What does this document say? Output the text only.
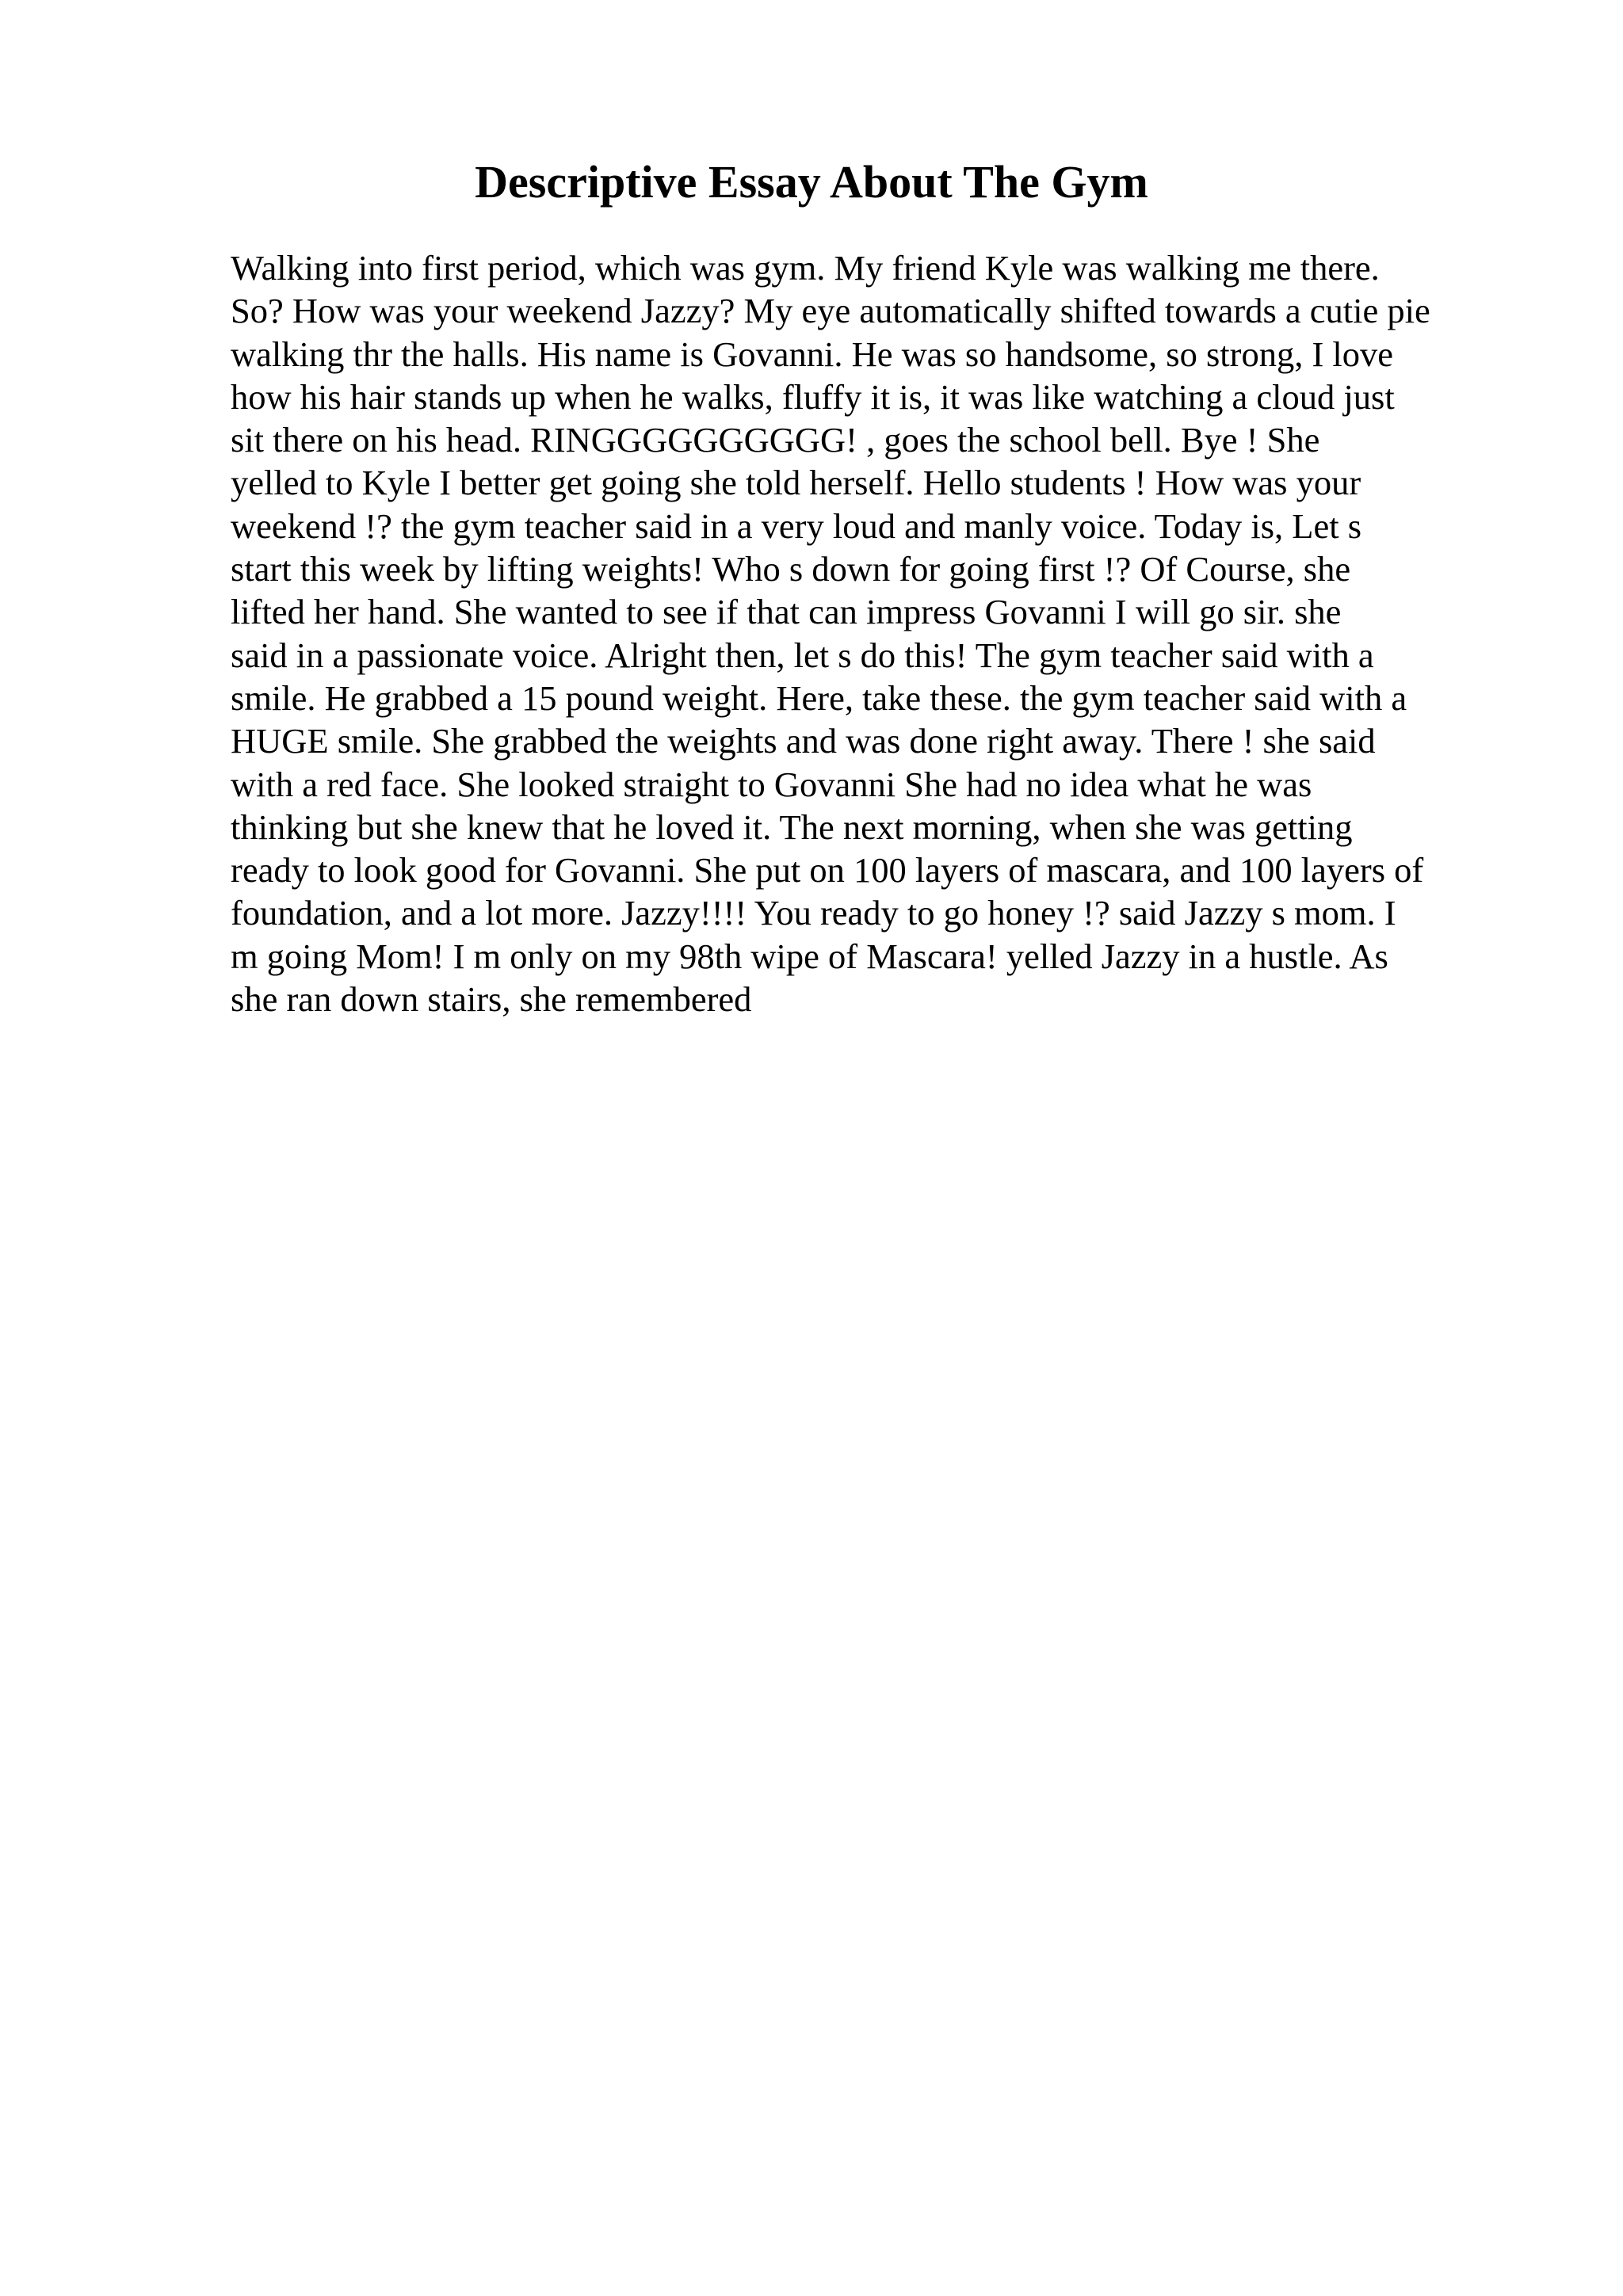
Descriptive Essay About The Gym

Walking into first period, which was gym. My friend Kyle was walking me there.
So? How was your weekend Jazzy? My eye automatically shifted towards a cutie pie
walking thr the halls. His name is Govanni. He was so handsome, so strong, I love
how his hair stands up when he walks, fluffy it is, it was like watching a cloud just
sit there on his head. RINGGGGGGGGGG! , goes the school bell. Bye ! She
yelled to Kyle I better get going she told herself. Hello students ! How was your
weekend !? the gym teacher said in a very loud and manly voice. Today is, Let s
start this week by lifting weights! Who s down for going first !? Of Course, she
lifted her hand. She wanted to see if that can impress Govanni I will go sir. she
said in a passionate voice. Alright then, let s do this! The gym teacher said with a
smile. He grabbed a 15 pound weight. Here, take these. the gym teacher said with a
HUGE smile. She grabbed the weights and was done right away. There ! she said
with a red face. She looked straight to Govanni She had no idea what he was
thinking but she knew that he loved it. The next morning, when she was getting
ready to look good for Govanni. She put on 100 layers of mascara, and 100 layers of
foundation, and a lot more. Jazzy!!!! You ready to go honey !? said Jazzy s mom. I
m going Mom! I m only on my 98th wipe of Mascara! yelled Jazzy in a hustle. As
she ran down stairs, she remembered
